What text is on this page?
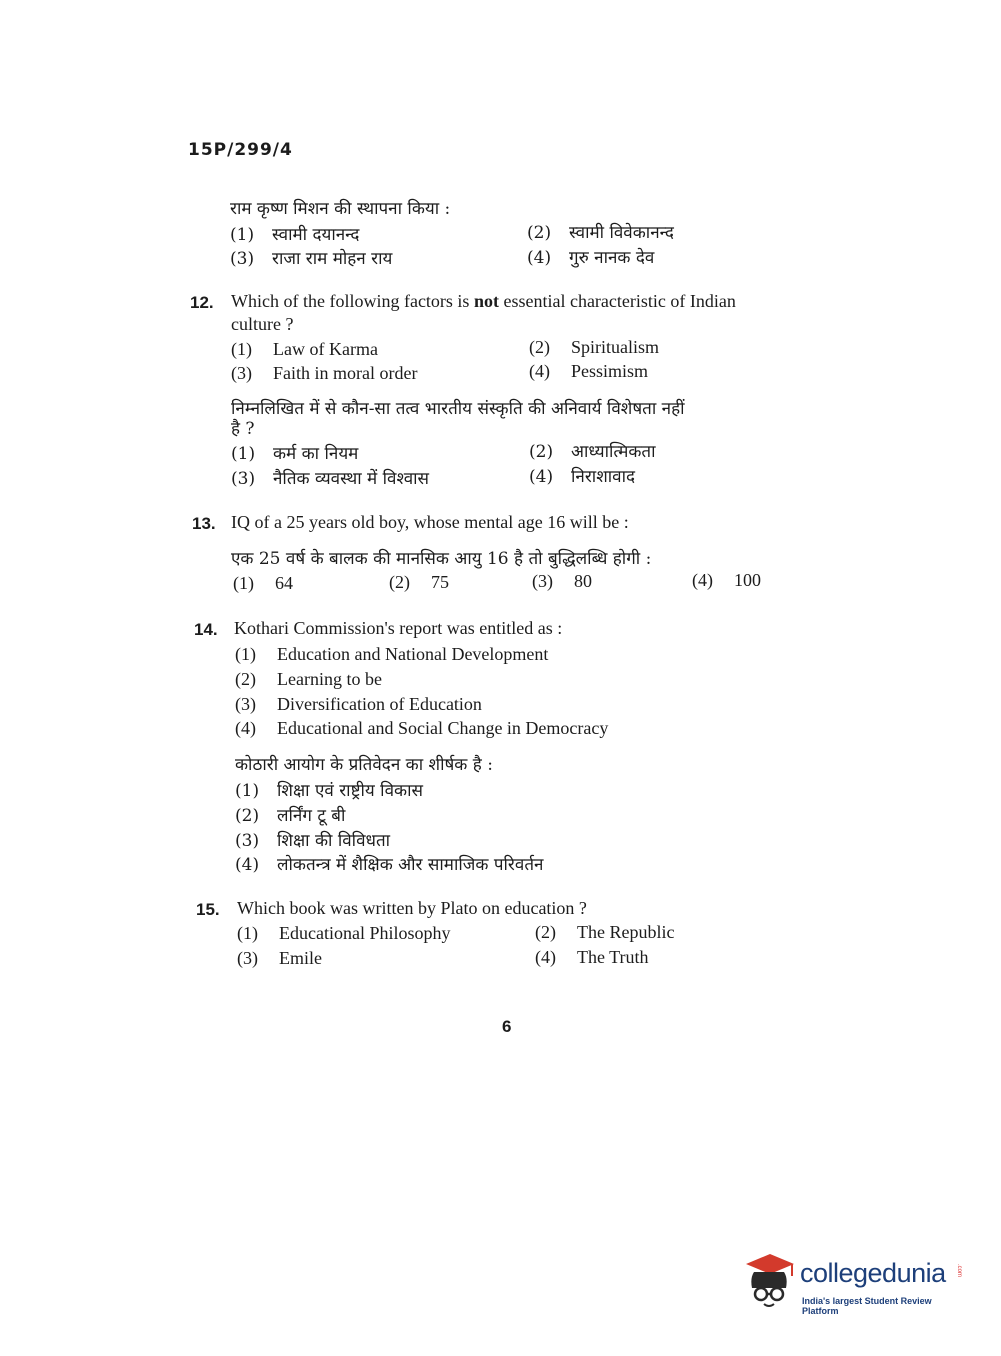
15P/299/4
राम कृष्ण मिशन की स्थापना किया :
(1) स्वामी दयानन्द	(2) स्वामी विवेकानन्द
(3) राजा राम मोहन राय	(4) गुरु नानक देव
12. Which of the following factors is not essential characteristic of Indian
culture ?
(1) Law of Karma	(2) Spiritualism
(3) Faith in moral order	(4) Pessimism
निम्नलिखित में से कौन-सा तत्व भारतीय संस्कृति की अनिवार्य विशेषता नहीं
है ?
(1) कर्म का नियम	(2) आध्यात्मिकता
(3) नैतिक व्यवस्था में विश्वास	(4) निराशावाद
13. IQ of a 25 years old boy, whose mental age 16 will be :
एक 25 वर्ष के बालक की मानसिक आयु 16 है तो बुद्धिलब्धि होगी :
(1) 64	(2) 75	(3) 80	(4) 100
14. Kothari Commission's report was entitled as :
(1) Education and National Development
(2) Learning to be
(3) Diversification of Education
(4) Educational and Social Change in Democracy
कोठारी आयोग के प्रतिवेदन का शीर्षक है :
(1) शिक्षा एवं राष्ट्रीय विकास
(2) लर्निंग टू बी
(3) शिक्षा की विविधता
(4) लोकतन्त्र में शैक्षिक और सामाजिक परिवर्तन
15. Which book was written by Plato on education ?
(1) Educational Philosophy	(2) The Republic
(3) Emile	(4) The Truth
6
collegedunia .com
India's largest Student Review Platform
